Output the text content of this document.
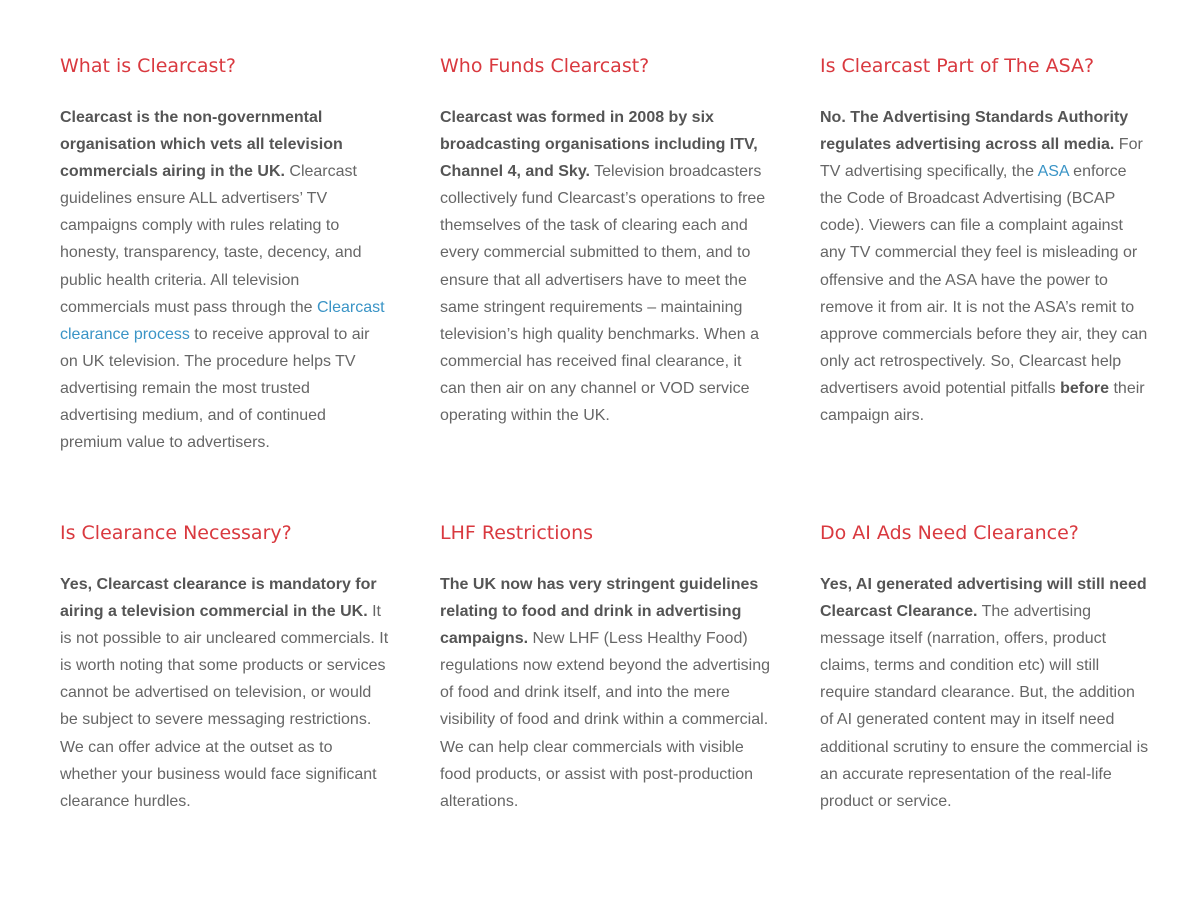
What is Clearcast?

Clearcast is the non-governmental organisation which vets all television commercials airing in the UK. Clearcast guidelines ensure ALL advertisers’ TV campaigns comply with rules relating to honesty, transparency, taste, decency, and public health criteria. All television commercials must pass through the Clearcast clearance process to receive approval to air on UK television. The procedure helps TV advertising remain the most trusted advertising medium, and of continued premium value to advertisers.

Who Funds Clearcast?

Clearcast was formed in 2008 by six broadcasting organisations including ITV, Channel 4, and Sky. Television broadcasters collectively fund Clearcast’s operations to free themselves of the task of clearing each and every commercial submitted to them, and to ensure that all advertisers have to meet the same stringent requirements – maintaining television’s high quality benchmarks. When a commercial has received final clearance, it can then air on any channel or VOD service operating within the UK.

Is Clearcast Part of The ASA?

No. The Advertising Standards Authority regulates advertising across all media. For TV advertising specifically, the ASA enforce the Code of Broadcast Advertising (BCAP code). Viewers can file a complaint against any TV commercial they feel is misleading or offensive and the ASA have the power to remove it from air. It is not the ASA’s remit to approve commercials before they air, they can only act retrospectively. So, Clearcast help advertisers avoid potential pitfalls before their campaign airs.

Is Clearance Necessary?

Yes, Clearcast clearance is mandatory for airing a television commercial in the UK. It is not possible to air uncleared commercials. It is worth noting that some products or services cannot be advertised on television, or would be subject to severe messaging restrictions. We can offer advice at the outset as to whether your business would face significant clearance hurdles.

LHF Restrictions

The UK now has very stringent guidelines relating to food and drink in advertising campaigns. New LHF (Less Healthy Food) regulations now extend beyond the advertising of food and drink itself, and into the mere visibility of food and drink within a commercial. We can help clear commercials with visible food products, or assist with post-production alterations.

Do AI Ads Need Clearance?

Yes, AI generated advertising will still need Clearcast Clearance. The advertising message itself (narration, offers, product claims, terms and condition etc) will still require standard clearance. But, the addition of AI generated content may in itself need additional scrutiny to ensure the commercial is an accurate representation of the real-life product or service.
